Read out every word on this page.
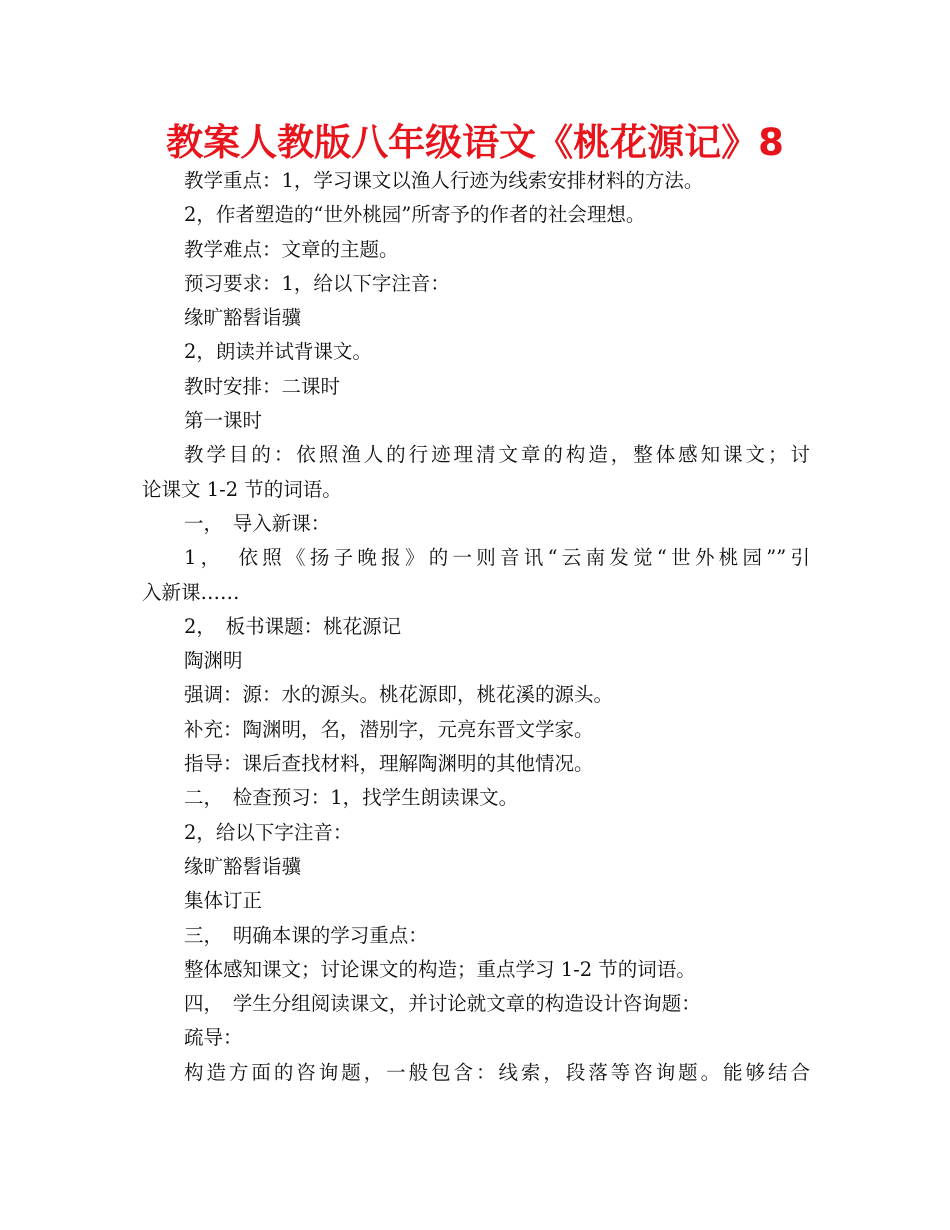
教案人教版八年级语文《桃花源记》8
教学重点：1，学习课文以渔人行迹为线索安排材料的方法。
2，作者塑造的“世外桃园”所寄予的作者的社会理想。
教学难点：文章的主题。
预习要求：1，给以下字注音：
缘旷豁髫诣骥
2，朗读并试背课文。
教时安排：二课时
第一课时
教学目的：依照渔人的行迹理清文章的构造，整体感知课文；讨
论课文 1-2 节的词语。
一，　导入新课：
1，　依照《扬子晚报》的一则音讯“云南发觉“世外桃园””引
入新课……
2，　板书课题：桃花源记
陶渊明
强调：源：水的源头。桃花源即，桃花溪的源头。
补充：陶渊明，名，潜别字，元亮东晋文学家。
指导：课后查找材料，理解陶渊明的其他情况。
二，　检查预习：1，找学生朗读课文。
2，给以下字注音：
缘旷豁髫诣骥
集体订正
三，　明确本课的学习重点：
整体感知课文；讨论课文的构造；重点学习 1-2 节的词语。
四，　学生分组阅读课文，并讨论就文章的构造设计咨询题：
疏导：
构造方面的咨询题，一般包含：线索，段落等咨询题。能够结合
